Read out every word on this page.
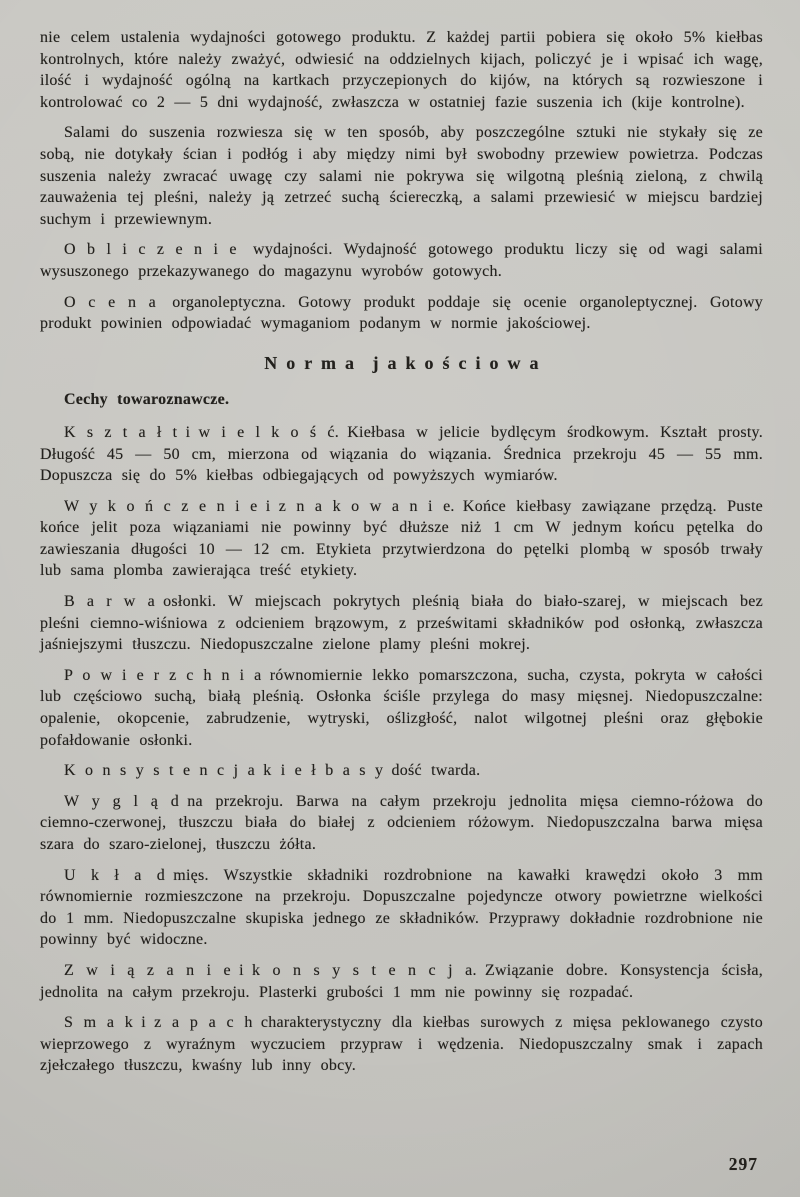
nie celem ustalenia wydajności gotowego produktu. Z każdej partii pobiera się około 5% kiełbas kontrolnych, które należy zważyć, odwiesić na oddzielnych kijach, policzyć je i wpisać ich wagę, ilość i wydajność ogólną na kartkach przyczepionych do kijów, na których są rozwieszone i kontrolować co 2 — 5 dni wydajność, zwłaszcza w ostatniej fazie suszenia ich (kije kontrolne).

Salami do suszenia rozwiesza się w ten sposób, aby poszczególne sztuki nie stykały się ze sobą, nie dotykały ścian i podłóg i aby między nimi był swobodny przewiew powietrza. Podczas suszenia należy zwracać uwagę czy salami nie pokrywa się wilgotną pleśnią zieloną, z chwilą zauważenia tej pleśni, należy ją zetrzeć suchą ściereczką, a salami przewiesić w miejscu bardziej suchym i przewiewnym.

O b l i c z e n i e wydajności. Wydajność gotowego produktu liczy się od wagi salami wysuszonego przekazywanego do magazynu wyrobów gotowych.

O c e n a organoleptyczna. Gotowy produkt poddaje się ocenie organoleptycznej. Gotowy produkt powinien odpowiadać wymaganiom podanym w normie jakościowej.

N o r m a j a k o ś c i o w a

Cechy towaroznawcze.

K s z t a ł t i w i e l k o ś ć. Kiełbasa w jelicie bydlęcym środkowym. Kształt prosty. Długość 45 — 50 cm, mierzona od wiązania do wiązania. Średnica przekroju 45 — 55 mm. Dopuszcza się do 5% kiełbas odbiegających od powyższych wymiarów.

W y k o ń c z e n i e i z n a k o w a n i e. Końce kiełbasy zawiązane przędzą. Puste końce jelit poza wiązaniami nie powinny być dłuższe niż 1 cm W jednym końcu pętelka do zawieszania długości 10 — 12 cm. Etykieta przytwierdzona do pętelki plombą w sposób trwały lub sama plomba zawierająca treść etykiety.

B a r w a osłonki. W miejscach pokrytych pleśnią biała do biało-szarej, w miejscach bez pleśni ciemno-wiśniowa z odcieniem brązowym, z prześwitami składników pod osłonką, zwłaszcza jaśniejszymi tłuszczu. Niedopuszczalne zielone plamy pleśni mokrej.

P o w i e r z c h n i a równomiernie lekko pomarszczona, sucha, czysta, pokryta w całości lub częściowo suchą, białą pleśnią. Osłonka ściśle przylega do masy mięsnej. Niedopuszczalne: opalenie, okopcenie, zabrudzenie, wytryski, oślizgłość, nalot wilgotnej pleśni oraz głębokie pofałdowanie osłonki.

K o n s y s t e n c j a k i e ł b a s y dość twarda.

W y g l ą d na przekroju. Barwa na całym przekroju jednolita mięsa ciemno-różowa do ciemno-czerwonej, tłuszczu biała do białej z odcieniem różowym. Niedopuszczalna barwa mięsa szara do szaro-zielonej, tłuszczu żółta.

U k ł a d mięs. Wszystkie składniki rozdrobnione na kawałki krawędzi około 3 mm równomiernie rozmieszczone na przekroju. Dopuszczalne pojedyncze otwory powietrzne wielkości do 1 mm. Niedopuszczalne skupiska jednego ze składników. Przyprawy dokładnie rozdrobnione nie powinny być widoczne.

Z w i ą z a n i e i k o n s y s t e n c j a. Związanie dobre. Konsystencja ścisła, jednolita na całym przekroju. Plasterki grubości 1 mm nie powinny się rozpadać.

S m a k i z a p a c h charakterystyczny dla kiełbas surowych z mięsa peklowanego czysto wieprzowego z wyraźnym wyczuciem przypraw i wędzenia. Niedopuszczalny smak i zapach zjełczałego tłuszczu, kwaśny lub inny obcy.

297
